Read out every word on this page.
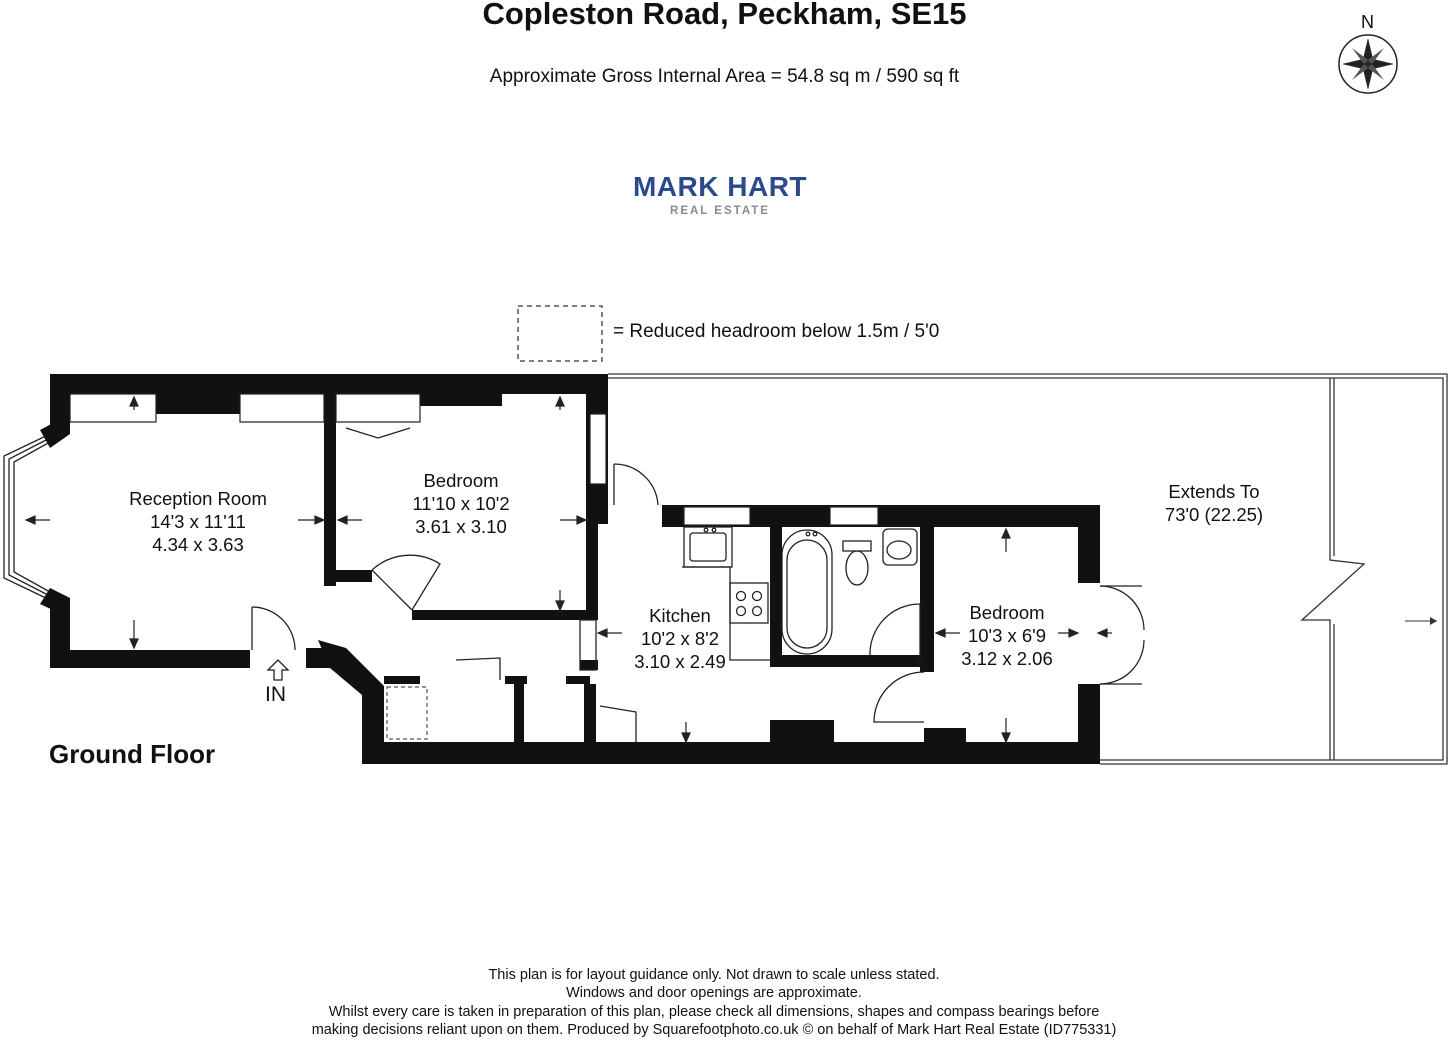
Copleston Road, Peckham, SE15
Approximate Gross Internal Area = 54.8 sq m / 590 sq ft
MARK HART
REAL ESTATE
N
= Reduced headroom below 1.5m / 5'0
Reception Room
14'3 x 11'11
4.34 x 3.63
Bedroom
11'10 x 10'2
3.61 x 3.10
Kitchen
10'2 x 8'2
3.10 x 2.49
Bedroom
10'3 x 6'9
3.12 x 2.06
Extends To
73'0 (22.25)
IN
Ground Floor
This plan is for layout guidance only. Not drawn to scale unless stated.
Windows and door openings are approximate.
Whilst every care is taken in preparation of this plan, please check all dimensions, shapes and compass bearings before
making decisions reliant upon on them. Produced by Squarefootphoto.co.uk © on behalf of Mark Hart Real Estate (ID775331)
